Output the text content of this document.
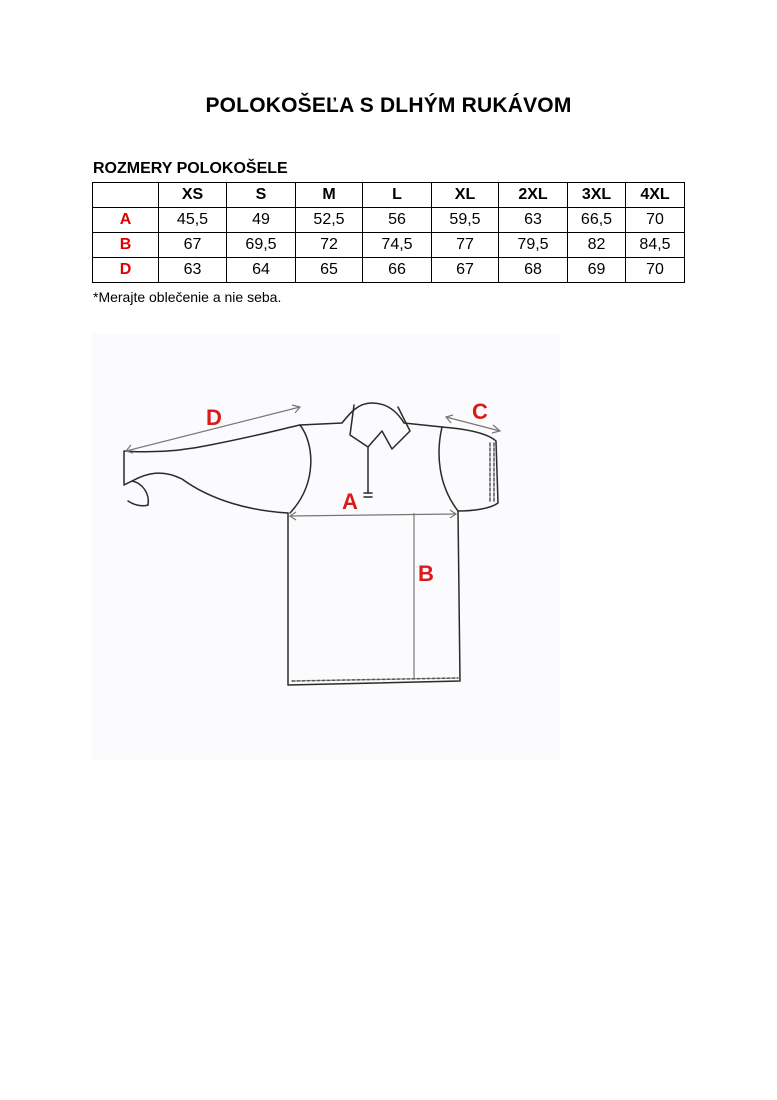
POLOKOŠEĽA S DLHÝM RUKÁVOM
ROZMERY POLOKOŠELE
	XS	S	M	L	XL	2XL	3XL	4XL
A	45,5	49	52,5	56	59,5	63	66,5	70
B	67	69,5	72	74,5	77	79,5	82	84,5
D	63	64	65	66	67	68	69	70
*Merajte oblečenie a nie seba.
A
B
C
D
